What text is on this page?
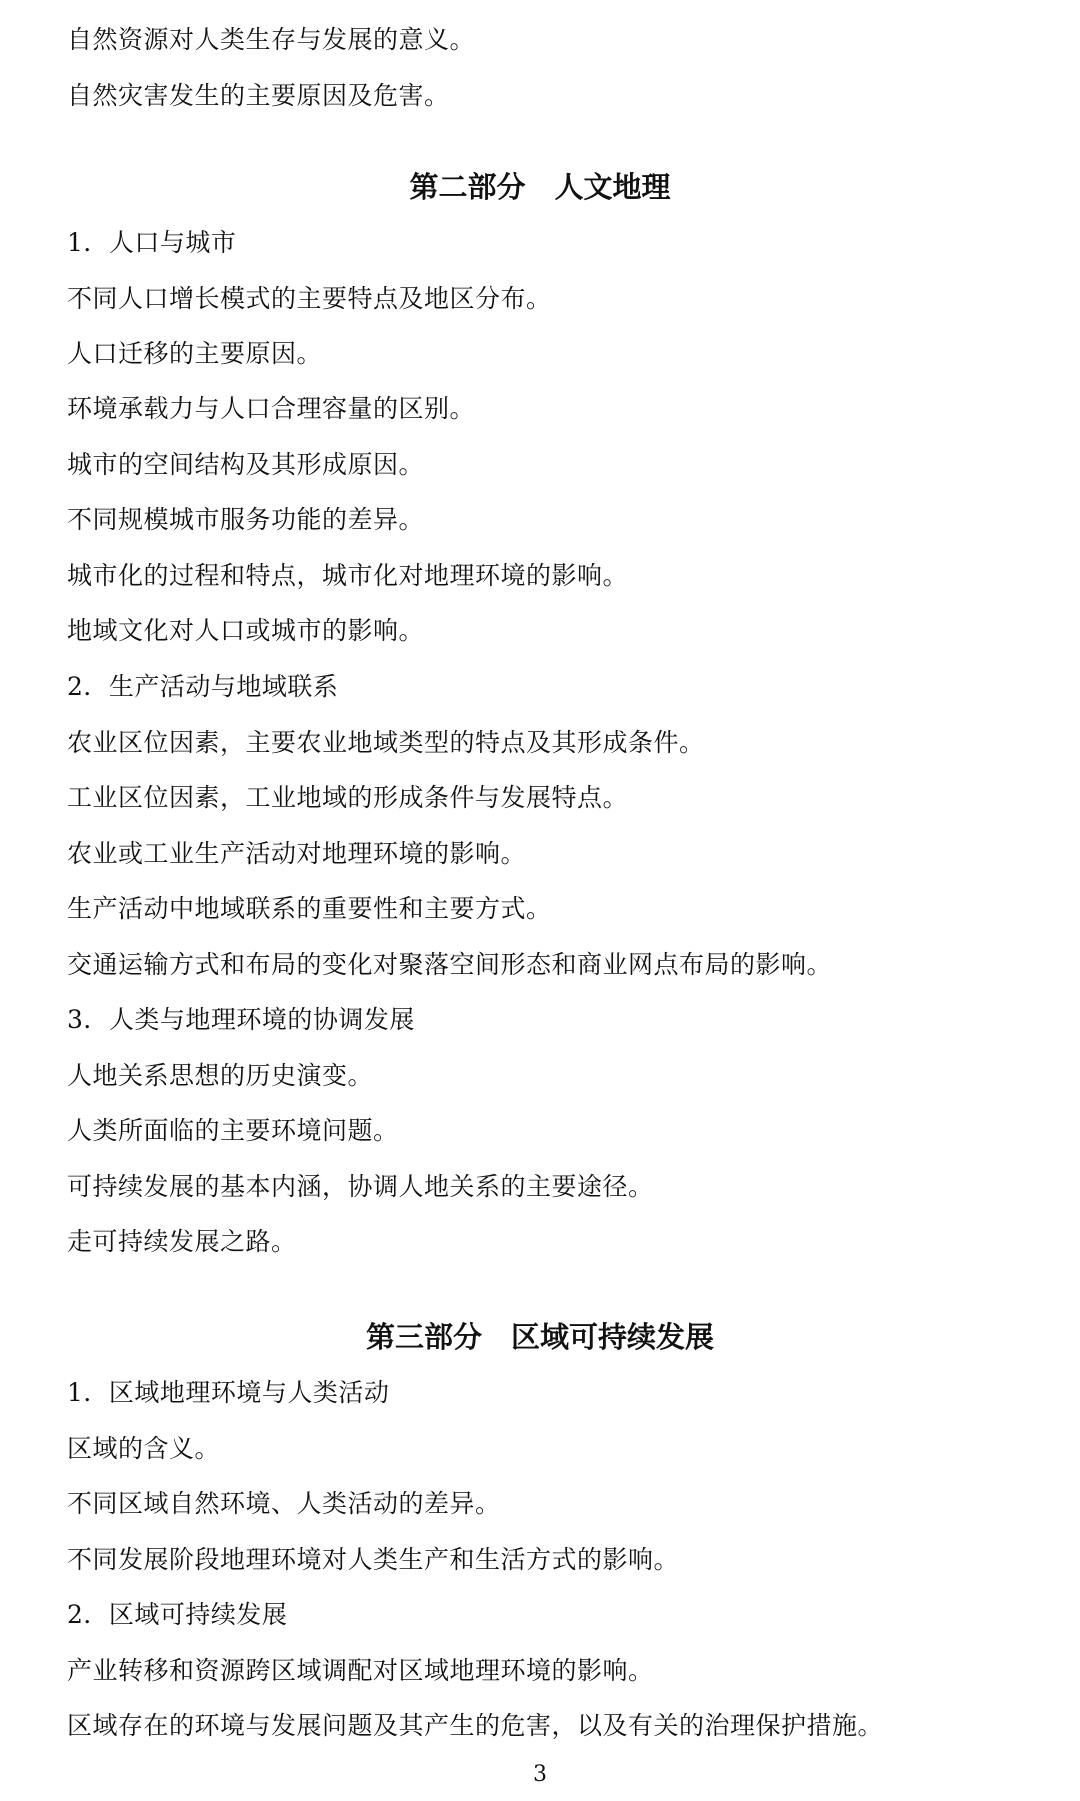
自然资源对人类生存与发展的意义。
自然灾害发生的主要原因及危害。
第二部分　人文地理
1．人口与城市
不同人口增长模式的主要特点及地区分布。
人口迁移的主要原因。
环境承载力与人口合理容量的区别。
城市的空间结构及其形成原因。
不同规模城市服务功能的差异。
城市化的过程和特点，城市化对地理环境的影响。
地域文化对人口或城市的影响。
2．生产活动与地域联系
农业区位因素，主要农业地域类型的特点及其形成条件。
工业区位因素，工业地域的形成条件与发展特点。
农业或工业生产活动对地理环境的影响。
生产活动中地域联系的重要性和主要方式。
交通运输方式和布局的变化对聚落空间形态和商业网点布局的影响。
3．人类与地理环境的协调发展
人地关系思想的历史演变。
人类所面临的主要环境问题。
可持续发展的基本内涵，协调人地关系的主要途径。
走可持续发展之路。
第三部分　区域可持续发展
1．区域地理环境与人类活动
区域的含义。
不同区域自然环境、人类活动的差异。
不同发展阶段地理环境对人类生产和生活方式的影响。
2．区域可持续发展
产业转移和资源跨区域调配对区域地理环境的影响。
区域存在的环境与发展问题及其产生的危害，以及有关的治理保护措施。
3
